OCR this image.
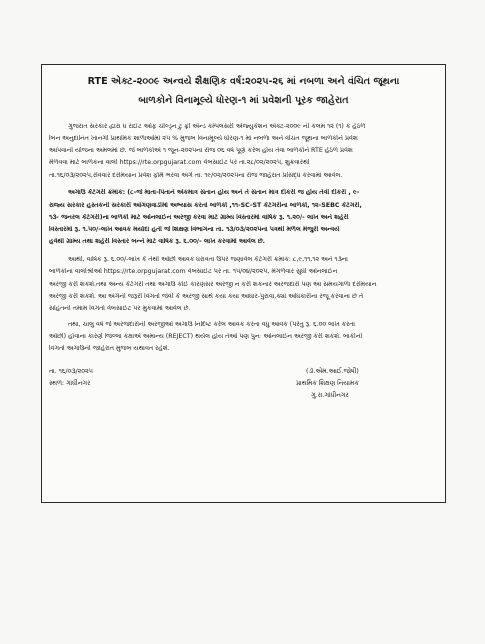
RTE એક્ટ-૨૦૦૯ અન્વયે શૈક્ષણિક વર્ષ:૨૦૨૫-૨૬ માં નબળા અને વંચિત જૂથના
બાળકોને વિનામૂલ્યે ધોરણ-૧ માં પ્રવેશની પૂરક જાહેરાત
ગુજરાત સરકાર દ્વારા ધ રાઈટ ઓફ ચીલ્ડ્રન ટુ ફ્રી એન્ડ કમ્પલસરી એજ્યુકેશન એક્ટ-૨૦૦૯ ની કલમ ૧૨ (૧) ક હેઠળ
બિન અનુદાનિત ખાનગી પ્રાથમિક શાળાઓમાં ૨૫ % મુજબ વિનામૂલ્યે ધોરણ-૧ માં નબળા અને વંચિત જૂથના બાળકોને પ્રવેશ
આપવાની યોજના અમલમાં છે. જે બાળકોએ ૧ જૂન-૨૦૨૫ના રોજ ૦૬ વર્ષ પૂર્ણ કરેલ હોય તેવા બાળકોને RTE હેઠળ પ્રવેશ
મેળવવા માટે બાળકના વાલી https://rte.orpgujarat.com વેબસાઈટ પર તા.૨૮/૦૨/૨૦૨૫, શુક્રવારથી
તા.૧૬/૦૩/૨૦૨૫,રવિવાર દરમિયાન પ્રવેશ ફોર્મ ભરવા અંગે તા. ૧૯/૦૨/૨૦૨૫ના રોજ જાહેરાત પ્રસિદ્ધ કરવામાં આવેલ.
અગાઉ કેટેગરી ક્રમાંક: (૮-જે માતા-પિતાને એકમાત્ર સંતાન હોય અને તે સંતાન માત્ર દીકરી જ હોય તેવી દીકરી , ૯-
રાજ્ય સરકાર હસ્તકની સરકારી આંગણવાડીમાં અભ્યાસ કરતાં બાળકો ,૧૧-SC-ST કેટેગરીના બાળકો, ૧૨-SEBC કેટેગરી,
૧૩- જનરલ કેટેગરી)ના બાળકો માટે ઓનલાઈન અરજી કરવા માટે ગ્રામ્ય વિસ્તારમાં વાર્ષિક રૂ. ૧.૨૦/- લાખ અને શહેરી
વિસ્તારમાં રૂ. ૧.૫૦/-લાખ આવક મર્યાદા હતી જે શિક્ષણ વિભાગના તા. ૧૩/૦૩/૨૦૨૫ના પત્રથી મળેલ મંજુરી અન્વયે
હવેથી ગ્રામ્ય તથા શહેરી વિસ્તાર બન્ને માટે વાર્ષિક રૂ. ૬.૦૦/- લાખ કરવામાં આવેલ છે.
આથી, વાર્ષિક રૂ. ૬.૦૦/-લાખ કે તેથી ઓછી આવક ધરાવતા ઉપર જણાવેલ કેટેગરી ક્રમાંક: ૮,૯,૧૧,૧૨ અને ૧૩ના
બાળકોના વાલીશ્રીઓ https://rte.orpgujarat.com વેબસાઈટ પર તા. ૧૫/૦૪/૨૦૨૫, મંગળવાર સુધી ઓનલાઈન
અરજી કરી શકશે.તથા અન્ય કેટેગરી તથા અગાઉ કોઈ કારણસર અરજી ન કરી શકનાર અરજદારો પણ આ સમયગાળા દરમિયાન
અરજી કરી શકશે. આ અંગેની જરૂરી વિગતો જેવી કે અરજી સાથે કયા કયા આધાર-પુરાવા,ક્યાં અધિકારીના રજૂ કરવાના છે તે
સહિતની તમામ વિગતો વેબસાઈટ પર મુકવામાં આવેલ છે.
તથા, ચાલુ વર્ષે જે અરજદારોની અરજીઓ અગાઉ નિર્દિષ્ટ કરેલ આવક કરતા વધુ આવક (પરંતુ રૂ. ૬.૦૦ લાખ કરતા
ઓછી) હોવાના કારણે જિલ્લા કક્ષાએ અમાન્ય (REJECT) થયેલ હોય તેઓ પણ પુનઃ ઓનલાઈન અરજી કરી શકશે. બાકીની
વિગતો અગાઉની જાહેરાત મુજબ યથાવત રહેશે.
તા. ૧૬/૦૩/૨૦૨૫
સ્થળ: ગાંધીનગર
(ડૉ.એમ.આઈ.જોષી)
પ્રાથમિક શિક્ષણ નિયામક
ગુ.રા.ગાંધીનગર
